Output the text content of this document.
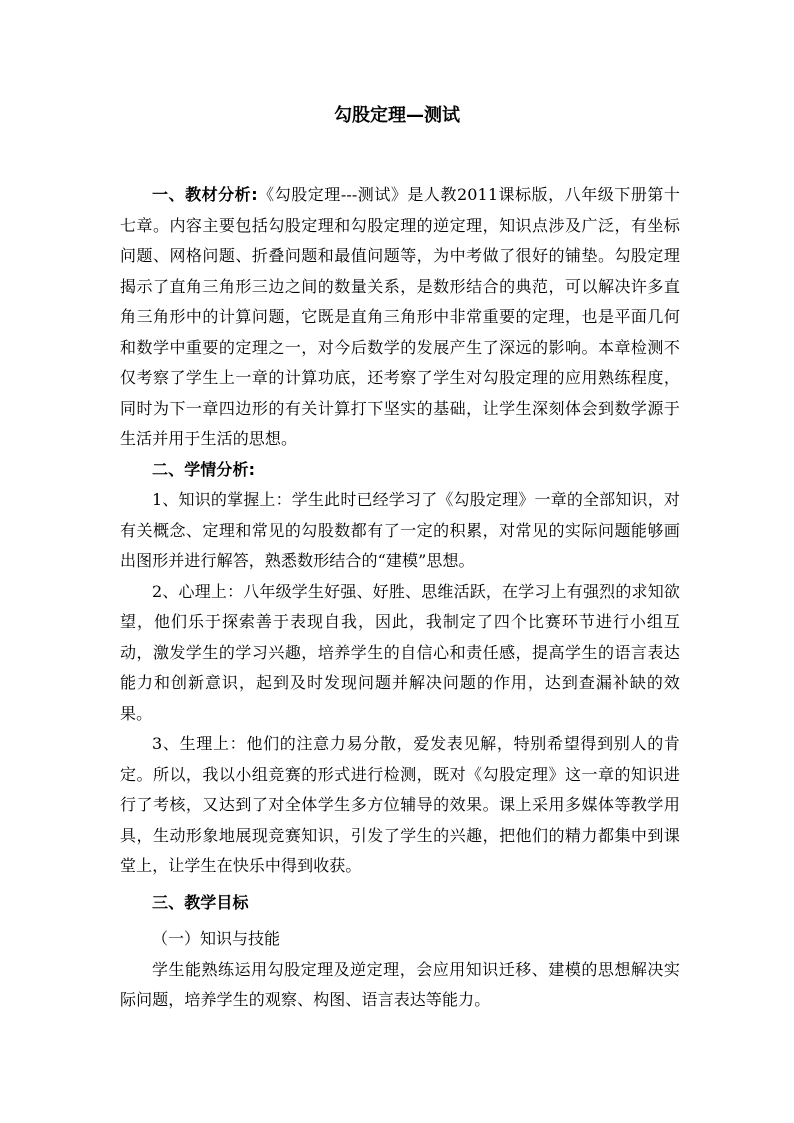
勾股定理—测试

一、教材分析:《勾股定理---测试》是人教2011课标版，八年级下册第十七章。内容主要包括勾股定理和勾股定理的逆定理，知识点涉及广泛，有坐标问题、网格问题、折叠问题和最值问题等，为中考做了很好的铺垫。勾股定理揭示了直角三角形三边之间的数量关系，是数形结合的典范，可以解决许多直角三角形中的计算问题，它既是直角三角形中非常重要的定理，也是平面几何和数学中重要的定理之一，对今后数学的发展产生了深远的影响。本章检测不仅考察了学生上一章的计算功底，还考察了学生对勾股定理的应用熟练程度，同时为下一章四边形的有关计算打下坚实的基础，让学生深刻体会到数学源于生活并用于生活的思想。

二、学情分析:

1、知识的掌握上：学生此时已经学习了《勾股定理》一章的全部知识，对有关概念、定理和常见的勾股数都有了一定的积累，对常见的实际问题能够画出图形并进行解答，熟悉数形结合的“建模”思想。

2、心理上：八年级学生好强、好胜、思维活跃，在学习上有强烈的求知欲望，他们乐于探索善于表现自我，因此，我制定了四个比赛环节进行小组互动，激发学生的学习兴趣，培养学生的自信心和责任感，提高学生的语言表达能力和创新意识，起到及时发现问题并解决问题的作用，达到查漏补缺的效果。

3、生理上：他们的注意力易分散，爱发表见解，特别希望得到别人的肯定。所以，我以小组竞赛的形式进行检测，既对《勾股定理》这一章的知识进行了考核，又达到了对全体学生多方位辅导的效果。课上采用多媒体等教学用具，生动形象地展现竞赛知识，引发了学生的兴趣，把他们的精力都集中到课堂上，让学生在快乐中得到收获。

三、教学目标

（一）知识与技能

学生能熟练运用勾股定理及逆定理，会应用知识迁移、建模的思想解决实际问题，培养学生的观察、构图、语言表达等能力。
